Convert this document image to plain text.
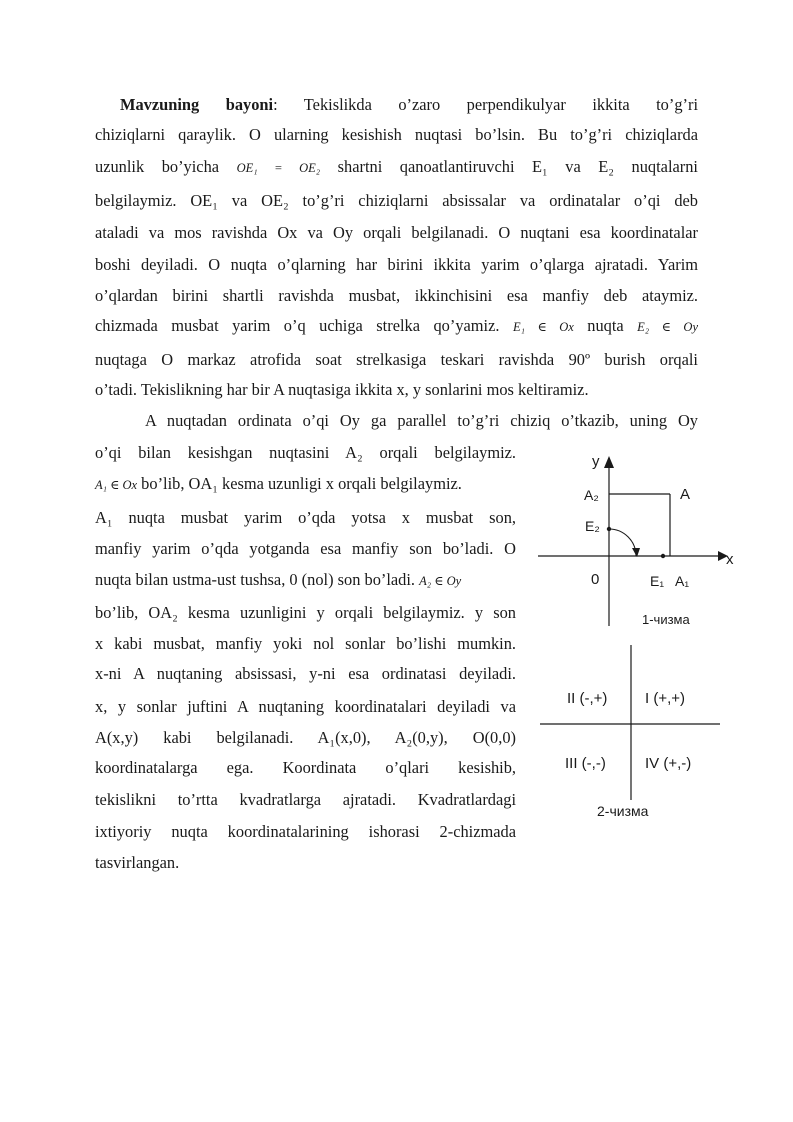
Mavzuning bayoni: Tekislikda o’zaro perpendikulyar ikkita to’g’ri
chiziqlarni qaraylik. O ularning kesishish nuqtasi bo’lsin. Bu to’g’ri chiziqlarda
uzunlik bo’yicha OE₁ = OE₂ shartni qanoatlantiruvchi E₁ va E₂ nuqtalarni
belgilaymiz. OE₁ va OE₂ to’g’ri chiziqlarni absissalar va ordinatalar o’qi deb
ataladi va mos ravishda Ox va Oy orqali belgilanadi. O nuqtani esa koordinatalar
boshi deyiladi. O nuqta o’qlarning har birini ikkita yarim o’qlarga ajratadi. Yarim
o’qlardan birini shartli ravishda musbat, ikkinchisini esa manfiy deb ataymiz.
chizmada musbat yarim o’q uchiga strelka qo’yamiz. E₁ ∈ Ox nuqta E₂ ∈ Oy
nuqtaga O markaz atrofida soat strelkasiga teskari ravishda 90º burish orqali
o’tadi. Tekislikning har bir A nuqtasiga ikkita x, y sonlarini mos keltiramiz.
A nuqtadan ordinata o’qi Oy ga parallel to’g’ri chiziq o’tkazib, uning Oy
o’qi bilan kesishgan nuqtasini A₂ orqali belgilaymiz.
A₁ ∈ Ox bo’lib, OA₁ kesma uzunligi x orqali belgilaymiz.
A₁ nuqta musbat yarim o’qda yotsa x musbat son,
manfiy yarim o’qda yotganda esa manfiy son bo’ladi. O
nuqta bilan ustma-ust tushsa, 0 (nol) son bo’ladi. A₂ ∈ Oy
bo’lib, OA₂ kesma uzunligini y orqali belgilaymiz. y son
x kabi musbat, manfiy yoki nol sonlar bo’lishi mumkin.
x-ni A nuqtaning absissasi, y-ni esa ordinatasi deyiladi.
x, y sonlar juftini A nuqtaning koordinatalari deyiladi va
A(x,y) kabi belgilanadi. A₁(x,0), A₂(0,y), O(0,0)
koordinatalarga ega. Koordinata o’qlari kesishib,
tekislikni to’rtta kvadratlarga ajratadi. Kvadratlardagi
ixtiyoriy nuqta koordinatalarining ishorasi 2-chizmada
tasvirlangan.
y
x
A₂	A
E₂
0	E₁ A₁
1-чизма
II (-,+)	I (+,+)
III (-,-)	IV (+,-)
2-чизма
